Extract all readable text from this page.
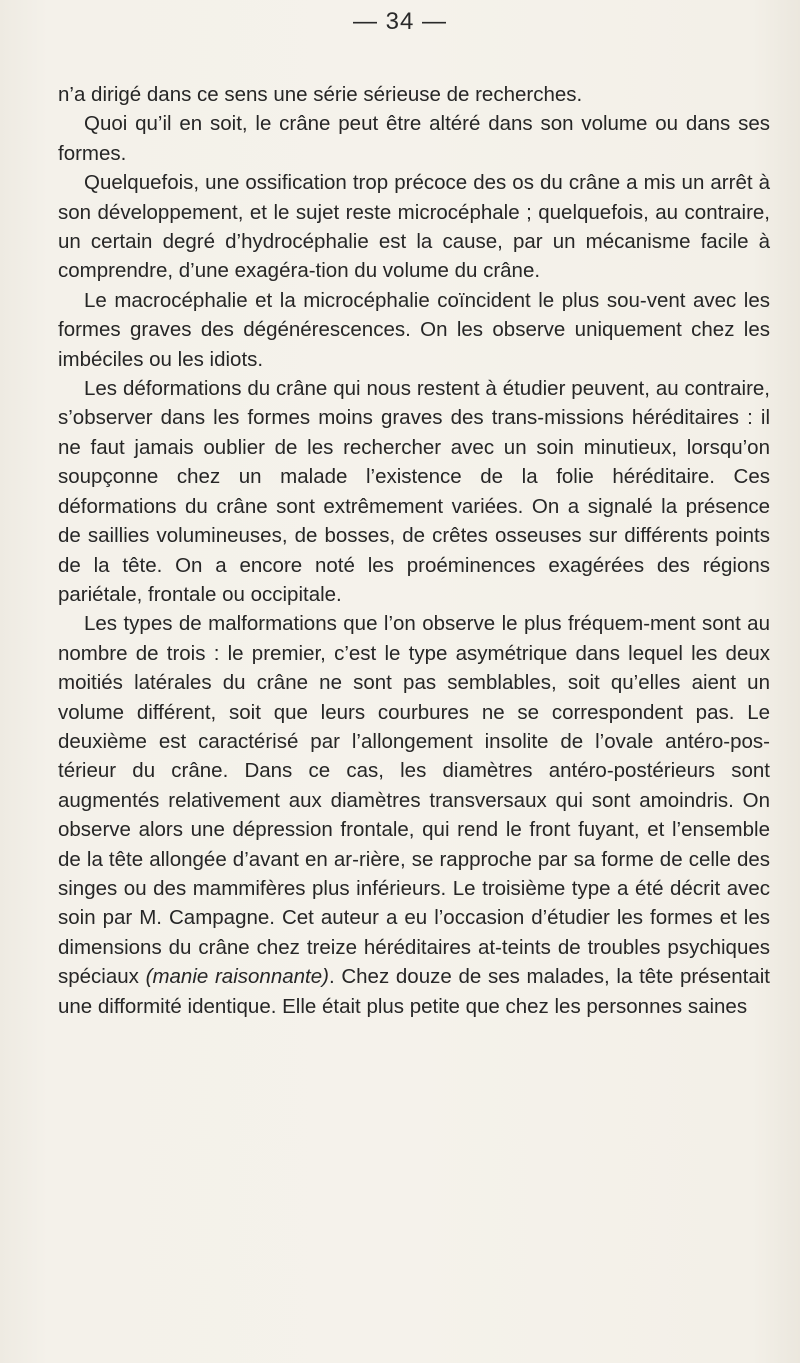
— 34 —

n’a dirigé dans ce sens une série sérieuse de recherches.

Quoi qu’il en soit, le crâne peut être altéré dans son volume ou dans ses formes.

Quelquefois, une ossification trop précoce des os du crâne a mis un arrêt à son développement, et le sujet reste microcéphale ; quelquefois, au contraire, un certain degré d’hydrocéphalie est la cause, par un mécanisme facile à comprendre, d’une exagéra-tion du volume du crâne.

Le macrocéphalie et la microcéphalie coïncident le plus sou-vent avec les formes graves des dégénérescences. On les observe uniquement chez les imbéciles ou les idiots.

Les déformations du crâne qui nous restent à étudier peuvent, au contraire, s’observer dans les formes moins graves des trans-missions héréditaires : il ne faut jamais oublier de les rechercher avec un soin minutieux, lorsqu’on soupçonne chez un malade l’existence de la folie héréditaire. Ces déformations du crâne sont extrêmement variées. On a signalé la présence de saillies volumineuses, de bosses, de crêtes osseuses sur différents points de la tête. On a encore noté les proéminences exagérées des régions pariétale, frontale ou occipitale.

Les types de malformations que l’on observe le plus fréquem-ment sont au nombre de trois : le premier, c’est le type asymétrique dans lequel les deux moitiés latérales du crâne ne sont pas semblables, soit qu’elles aient un volume différent, soit que leurs courbures ne se correspondent pas. Le deuxième est caractérisé par l’allongement insolite de l’ovale antéro-pos-térieur du crâne. Dans ce cas, les diamètres antéro-postérieurs sont augmentés relativement aux diamètres transversaux qui sont amoindris. On observe alors une dépression frontale, qui rend le front fuyant, et l’ensemble de la tête allongée d’avant en ar-rière, se rapproche par sa forme de celle des singes ou des mammifères plus inférieurs. Le troisième type a été décrit avec soin par M. Campagne. Cet auteur a eu l’occasion d’étudier les formes et les dimensions du crâne chez treize héréditaires at-teints de troubles psychiques spéciaux (manie raisonnante). Chez douze de ses malades, la tête présentait une difformité identique. Elle était plus petite que chez les personnes saines
